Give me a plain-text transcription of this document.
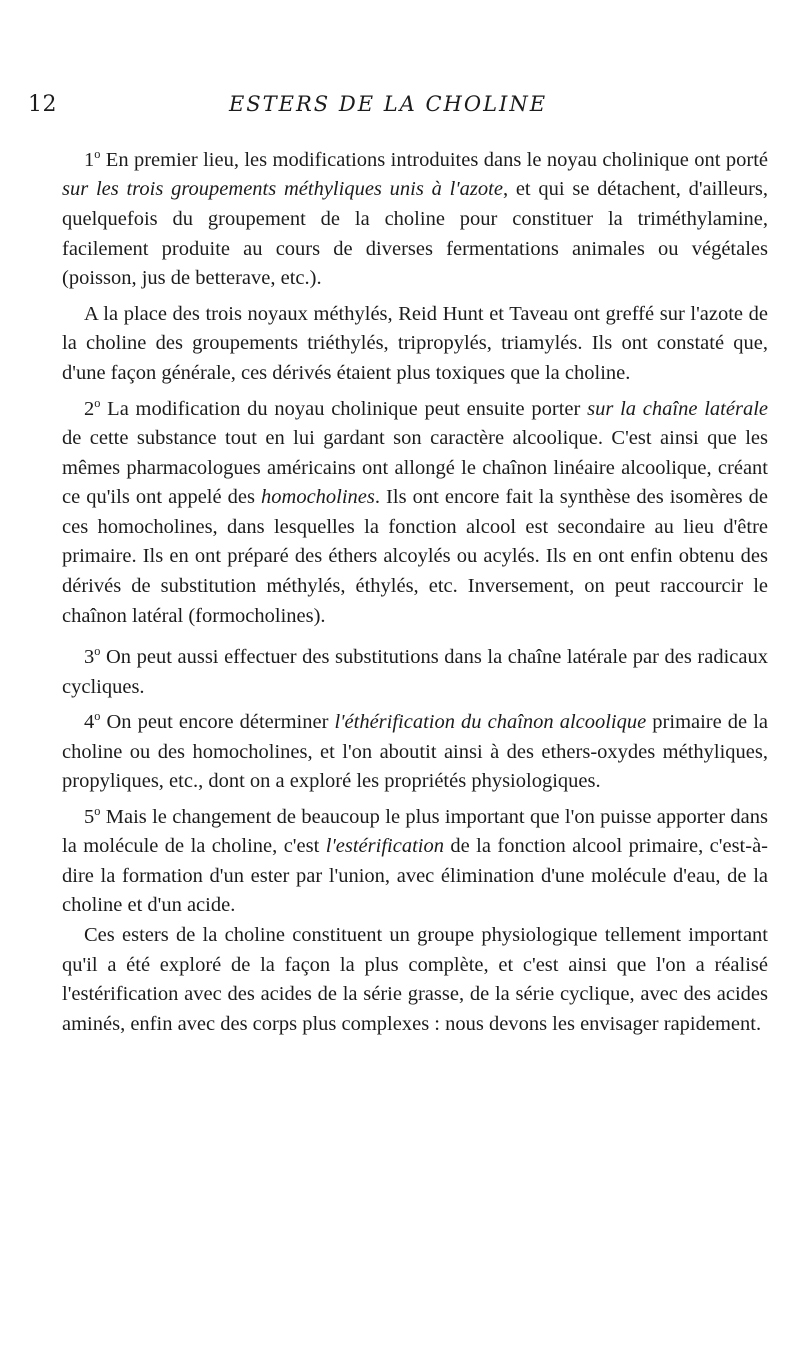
12	ESTERS DE LA CHOLINE

1$^o$ En premier lieu, les modifications introduites dans le noyau cholinique ont porté sur les trois groupements méthyliques unis à l'azote, et qui se détachent, d'ailleurs, quelquefois du groupement de la choline pour constituer la triméthylamine, facilement produite au cours de diverses fermentations animales ou végétales (poisson, jus de betterave, etc.).

A la place des trois noyaux méthylés, Reid Hunt et Taveau ont greffé sur l'azote de la choline des groupements triéthylés, tripropylés, triamylés. Ils ont constaté que, d'une façon générale, ces dérivés étaient plus toxiques que la choline.

2$^o$ La modification du noyau cholinique peut ensuite porter sur la chaîne latérale de cette substance tout en lui gardant son caractère alcoolique. C'est ainsi que les mêmes pharmacologues américains ont allongé le chaînon linéaire alcoolique, créant ce qu'ils ont appelé des homocholines. Ils ont encore fait la synthèse des isomères de ces homocholines, dans lesquelles la fonction alcool est secondaire au lieu d'être primaire. Ils en ont préparé des éthers alcoylés ou acylés. Ils en ont enfin obtenu des dérivés de substitution méthylés, éthylés, etc. Inversement, on peut raccourcir le chaînon latéral (formocholines).

3$^o$ On peut aussi effectuer des substitutions dans la chaîne latérale par des radicaux cycliques.

4$^o$ On peut encore déterminer l'éthérification du chaînon alcoolique primaire de la choline ou des homocholines, et l'on aboutit ainsi à des ethers-oxydes méthyliques, propyliques, etc., dont on a exploré les propriétés physiologiques.

5$^o$ Mais le changement de beaucoup le plus important que l'on puisse apporter dans la molécule de la choline, c'est l'estérification de la fonction alcool primaire, c'est-à-dire la formation d'un ester par l'union, avec élimination d'une molécule d'eau, de la choline et d'un acide.

Ces esters de la choline constituent un groupe physiologique tellement important qu'il a été exploré de la façon la plus complète, et c'est ainsi que l'on a réalisé l'estérification avec des acides de la série grasse, de la série cyclique, avec des acides aminés, enfin avec des corps plus complexes : nous devons les envisager rapidement.
